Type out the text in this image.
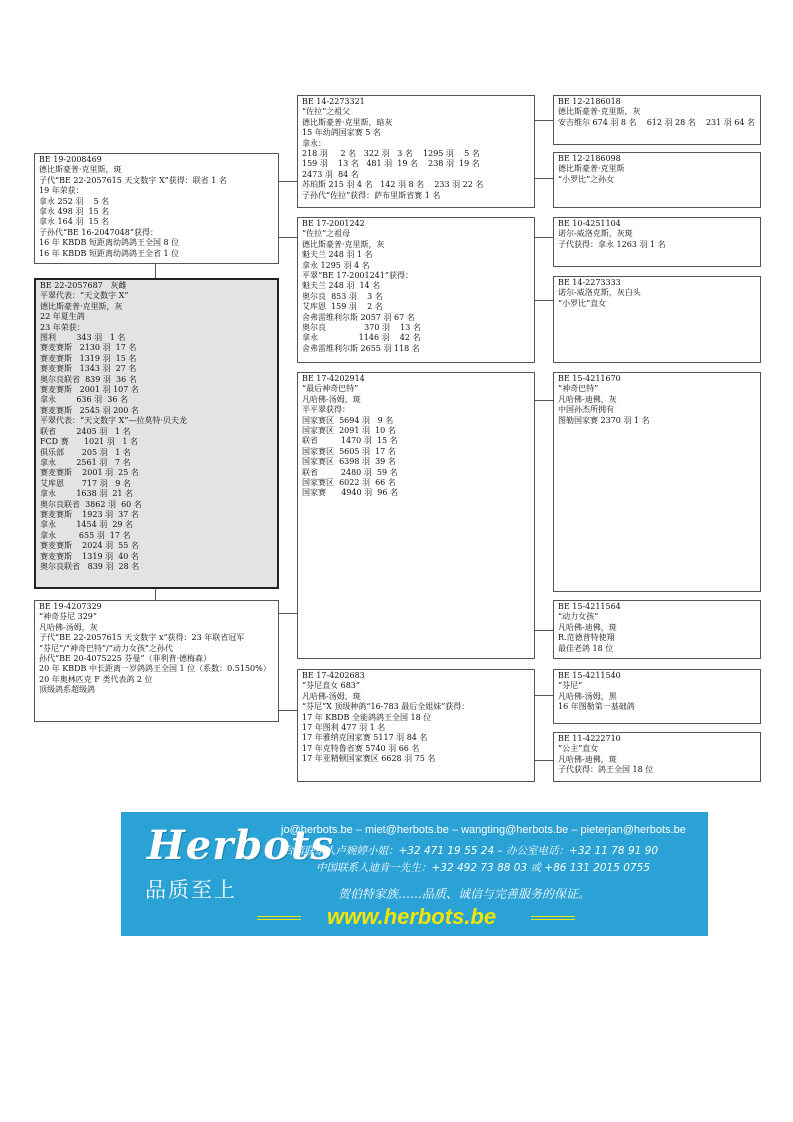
BE 19-2008469
德比斯豪普·克里斯，斑
子代“BE 22-2057615 天文数字 X”获得：联省 1 名
19 年荣获：
拿永 252 羽    5 名
拿永 498 羽  15 名
拿永 164 羽  15 名
子孙代“BE 16-2047048”获得：
16 年 KBDB 短距离幼鸽鸽王全国 8 位
16 年 KBDB 短距离幼鸽鸽王全省 1 位
BE 22-2057687   灰雌
平翠代表：“天文数字 X”
德比斯豪普·克里斯，灰
22 年夏生鸽
23 年荣获：
图利        343 羽   1 名
赛麦赛斯   2130 羽  17 名
赛麦赛斯   1319 羽  15 名
赛麦赛斯   1343 羽  27 名
奥尔良联省  839 羽  36 名
赛麦赛斯   2001 羽 107 名
拿永        636 羽  36 名
赛麦赛斯   2545 羽 200 名
平翠代表：“天文数字 X”—拉莫特·贝夫龙
联省        2405 羽   1 名
FCD 赛      1021 羽   1 名
俱乐部       205 羽   1 名
拿永        2561 羽   7 名
赛麦赛斯    2001 羽  25 名
艾库恩       717 羽   9 名
拿永        1638 羽  21 名
奥尔良联省  3862 羽  60 名
赛麦赛斯    1923 羽  37 名
拿永        1454 羽  29 名
拿永         655 羽  17 名
赛麦赛斯    2024 羽  55 名
赛麦赛斯    1319 羽  40 名
奥尔良联省   839 羽  28 名
BE 19-4207329
“神奇芬尼 329”
凡哈佛-汤姆，灰
子代“BE 22-2057615 天文数字 x”获得：23 年联省冠军
“芬尼”/“神奇巴特”/“动力女孩”之孙代
孙代“BE 20-4075225 芬曼”（菲利普·德梅森）
20 年 KBDB 中长距离一岁鸽鸽王全国 1 位（系数：0.5150%）
20 年奥林匹克 F 类代表鸽 2 位
顶级鸽系超级鸽
BE 14-2273321
“佐拉”之祖父
德比斯豪普·克里斯，暗灰
15 年幼鸽国家赛 5 名
拿永：
218 羽     2 名   322 羽   3 名    1295 羽    5 名
159 羽    13 名   481 羽  19 名    238 羽  19 名
2473 羽  84 名
苏珀斯 215 羽 4 名   142 羽 8 名    233 羽 22 名
子孙代“佐拉”获得：萨布里斯省赛 1 名
BE 17-2001242
“佐拉”之祖母
德比斯豪普·克里斯，灰
魁夫兰 248 羽 1 名
拿永 1295 羽 4 名
平翠“BE 17-2001241”获得：
魁夫兰 248 羽  14 名
奥尔良  853 羽    3 名
艾库恩  159 羽    2 名
舍弗雷维利尔斯 2057 羽 67 名
奥尔良               370 羽    13 名
拿永                1146 羽    42 名
舍弗雷维利尔斯 2655 羽 118 名
BE 17-4202914
“最后神奇巴特”
凡哈佛-汤姆，斑
半平翠获得：
国家赛区  5694 羽   9 名
国家赛区  2091 羽  10 名
联省         1470 羽  15 名
国家赛区  5605 羽  17 名
国家赛区  6398 羽  39 名
联省         2480 羽  59 名
国家赛区  6022 羽  66 名
国家赛      4940 羽  96 名
BE 17-4202683
“芬尼直女 683”
凡哈佛-汤姆，斑
“芬尼”X 顶级种鸽“16-783 最后全姐妹”获得：
17 年 KBDB 全能鸽鸽王全国 18 位
17 年图利 477 羽 1 名
17 年雅纳克国家赛 5117 羽 84 名
17 年克特鲁省赛 5740 羽 66 名
17 年亚精顿国家赛区 6628 羽 75 名
BE 12-2186018
德比斯豪普·克里斯，灰
安吉维尔 674 羽 8 名    612 羽 28 名    231 羽 64 名
BE 12-2186098
德比斯豪普·克里斯
“小罗比”之孙女
BE 10-4251104
诺尔-威洛克斯，灰斑
子代获得：拿永 1263 羽 1 名
BE 14-2273333
诺尔-威洛克斯，灰白头
“小罗比”直女
BE 15-4211670
“神奇巴特”
凡哈佛-迪佛，灰
中国孙杰所拥有
图勒国家赛 2370 羽 1 名
BE 15-4211564
“动力女孩”
凡哈佛-迪佛，斑
R.范德普特使翔
最佳老鸽 18 位
BE 15-4211540
“芬尼”
凡哈佛-汤姆，黑
16 年图勒第一基础鸽
BE 11-4222710
“公主”直女
凡哈佛-迪佛，斑
子代获得：鸽王全国 18 位
Herbots
品质至上
jo@herbots.be – miet@herbots.be – wangting@herbots.be – pieterjan@herbots.be
台湾联系人卢婉婷小姐：+32 471 19 55 24 – 办公室电话：+32 11 78 91 90
中国联系人迪肯一先生：+32 492 73 88 03 或 +86 131 2015 0755
贺伯特家族……品质、诚信与完善服务的保证。
www.herbots.be
